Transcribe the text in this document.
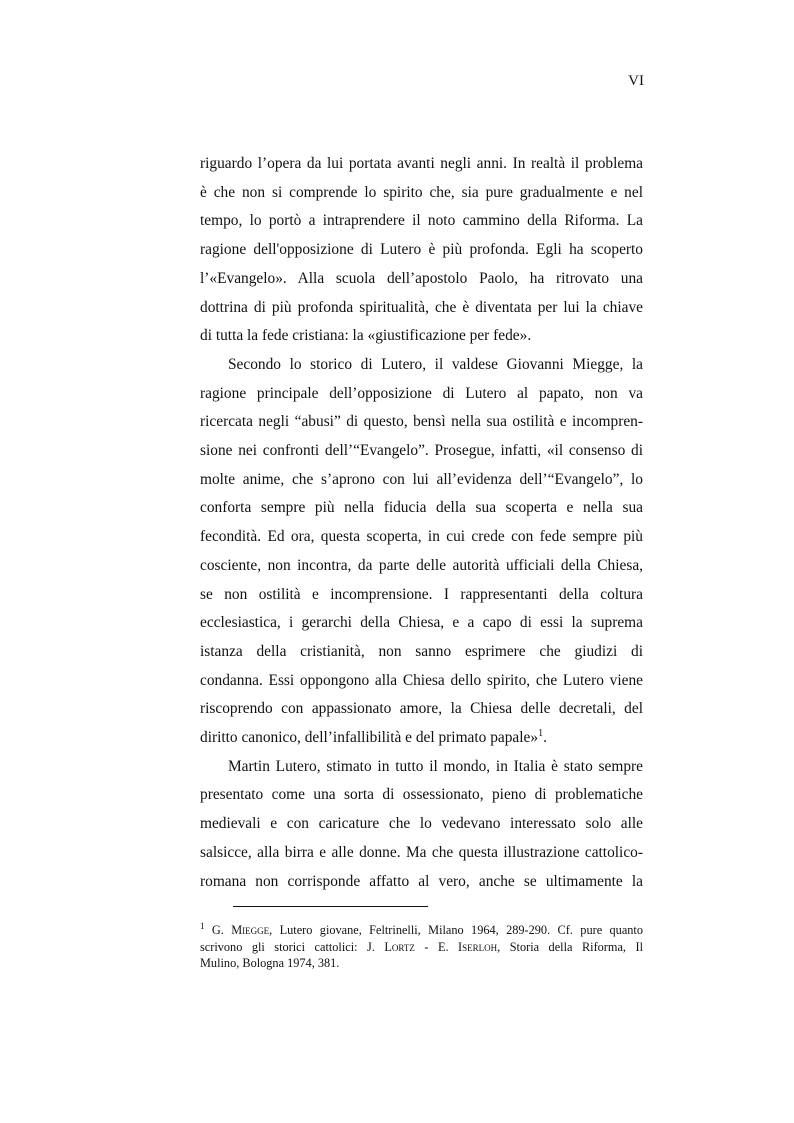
VI

riguardo l’opera da lui portata avanti negli anni. In realtà il problema
è che non si comprende lo spirito che, sia pure gradualmente e nel
tempo, lo portò a intraprendere il noto cammino della Riforma. La
ragione dell'opposizione di Lutero è più profonda. Egli ha scoperto
l’«Evangelo». Alla scuola dell’apostolo Paolo, ha ritrovato una
dottrina di più profonda spiritualità, che è diventata per lui la chiave
di tutta la fede cristiana: la «giustificazione per fede».

Secondo lo storico di Lutero, il valdese Giovanni Miegge, la
ragione principale dell’opposizione di Lutero al papato, non va
ricercata negli “abusi” di questo, bensì nella sua ostilità e incompren-
sione nei confronti dell’“Evangelo”. Prosegue, infatti, «il consenso di
molte anime, che s’aprono con lui all’evidenza dell’“Evangelo”, lo
conforta sempre più nella fiducia della sua scoperta e nella sua
fecondità. Ed ora, questa scoperta, in cui crede con fede sempre più
cosciente, non incontra, da parte delle autorità ufficiali della Chiesa,
se non ostilità e incomprensione. I rappresentanti della coltura
ecclesiastica, i gerarchi della Chiesa, e a capo di essi la suprema
istanza della cristianità, non sanno esprimere che giudizi di
condanna. Essi oppongono alla Chiesa dello spirito, che Lutero viene
riscoprendo con appassionato amore, la Chiesa delle decretali, del
diritto canonico, dell’infallibilità e del primato papale»$^1$.

Martin Lutero, stimato in tutto il mondo, in Italia è stato sempre
presentato come una sorta di ossessionato, pieno di problematiche
medievali e con caricature che lo vedevano interessato solo alle
salsicce, alla birra e alle donne. Ma che questa illustrazione cattolico-
romana non corrisponde affatto al vero, anche se ultimamente la

$^1$ G. Miegge, Lutero giovane, Feltrinelli, Milano 1964, 289-290. Cf. pure quanto
scrivono gli storici cattolici: J. Lortz - E. Iserloh, Storia della Riforma, Il
Mulino, Bologna 1974, 381.
